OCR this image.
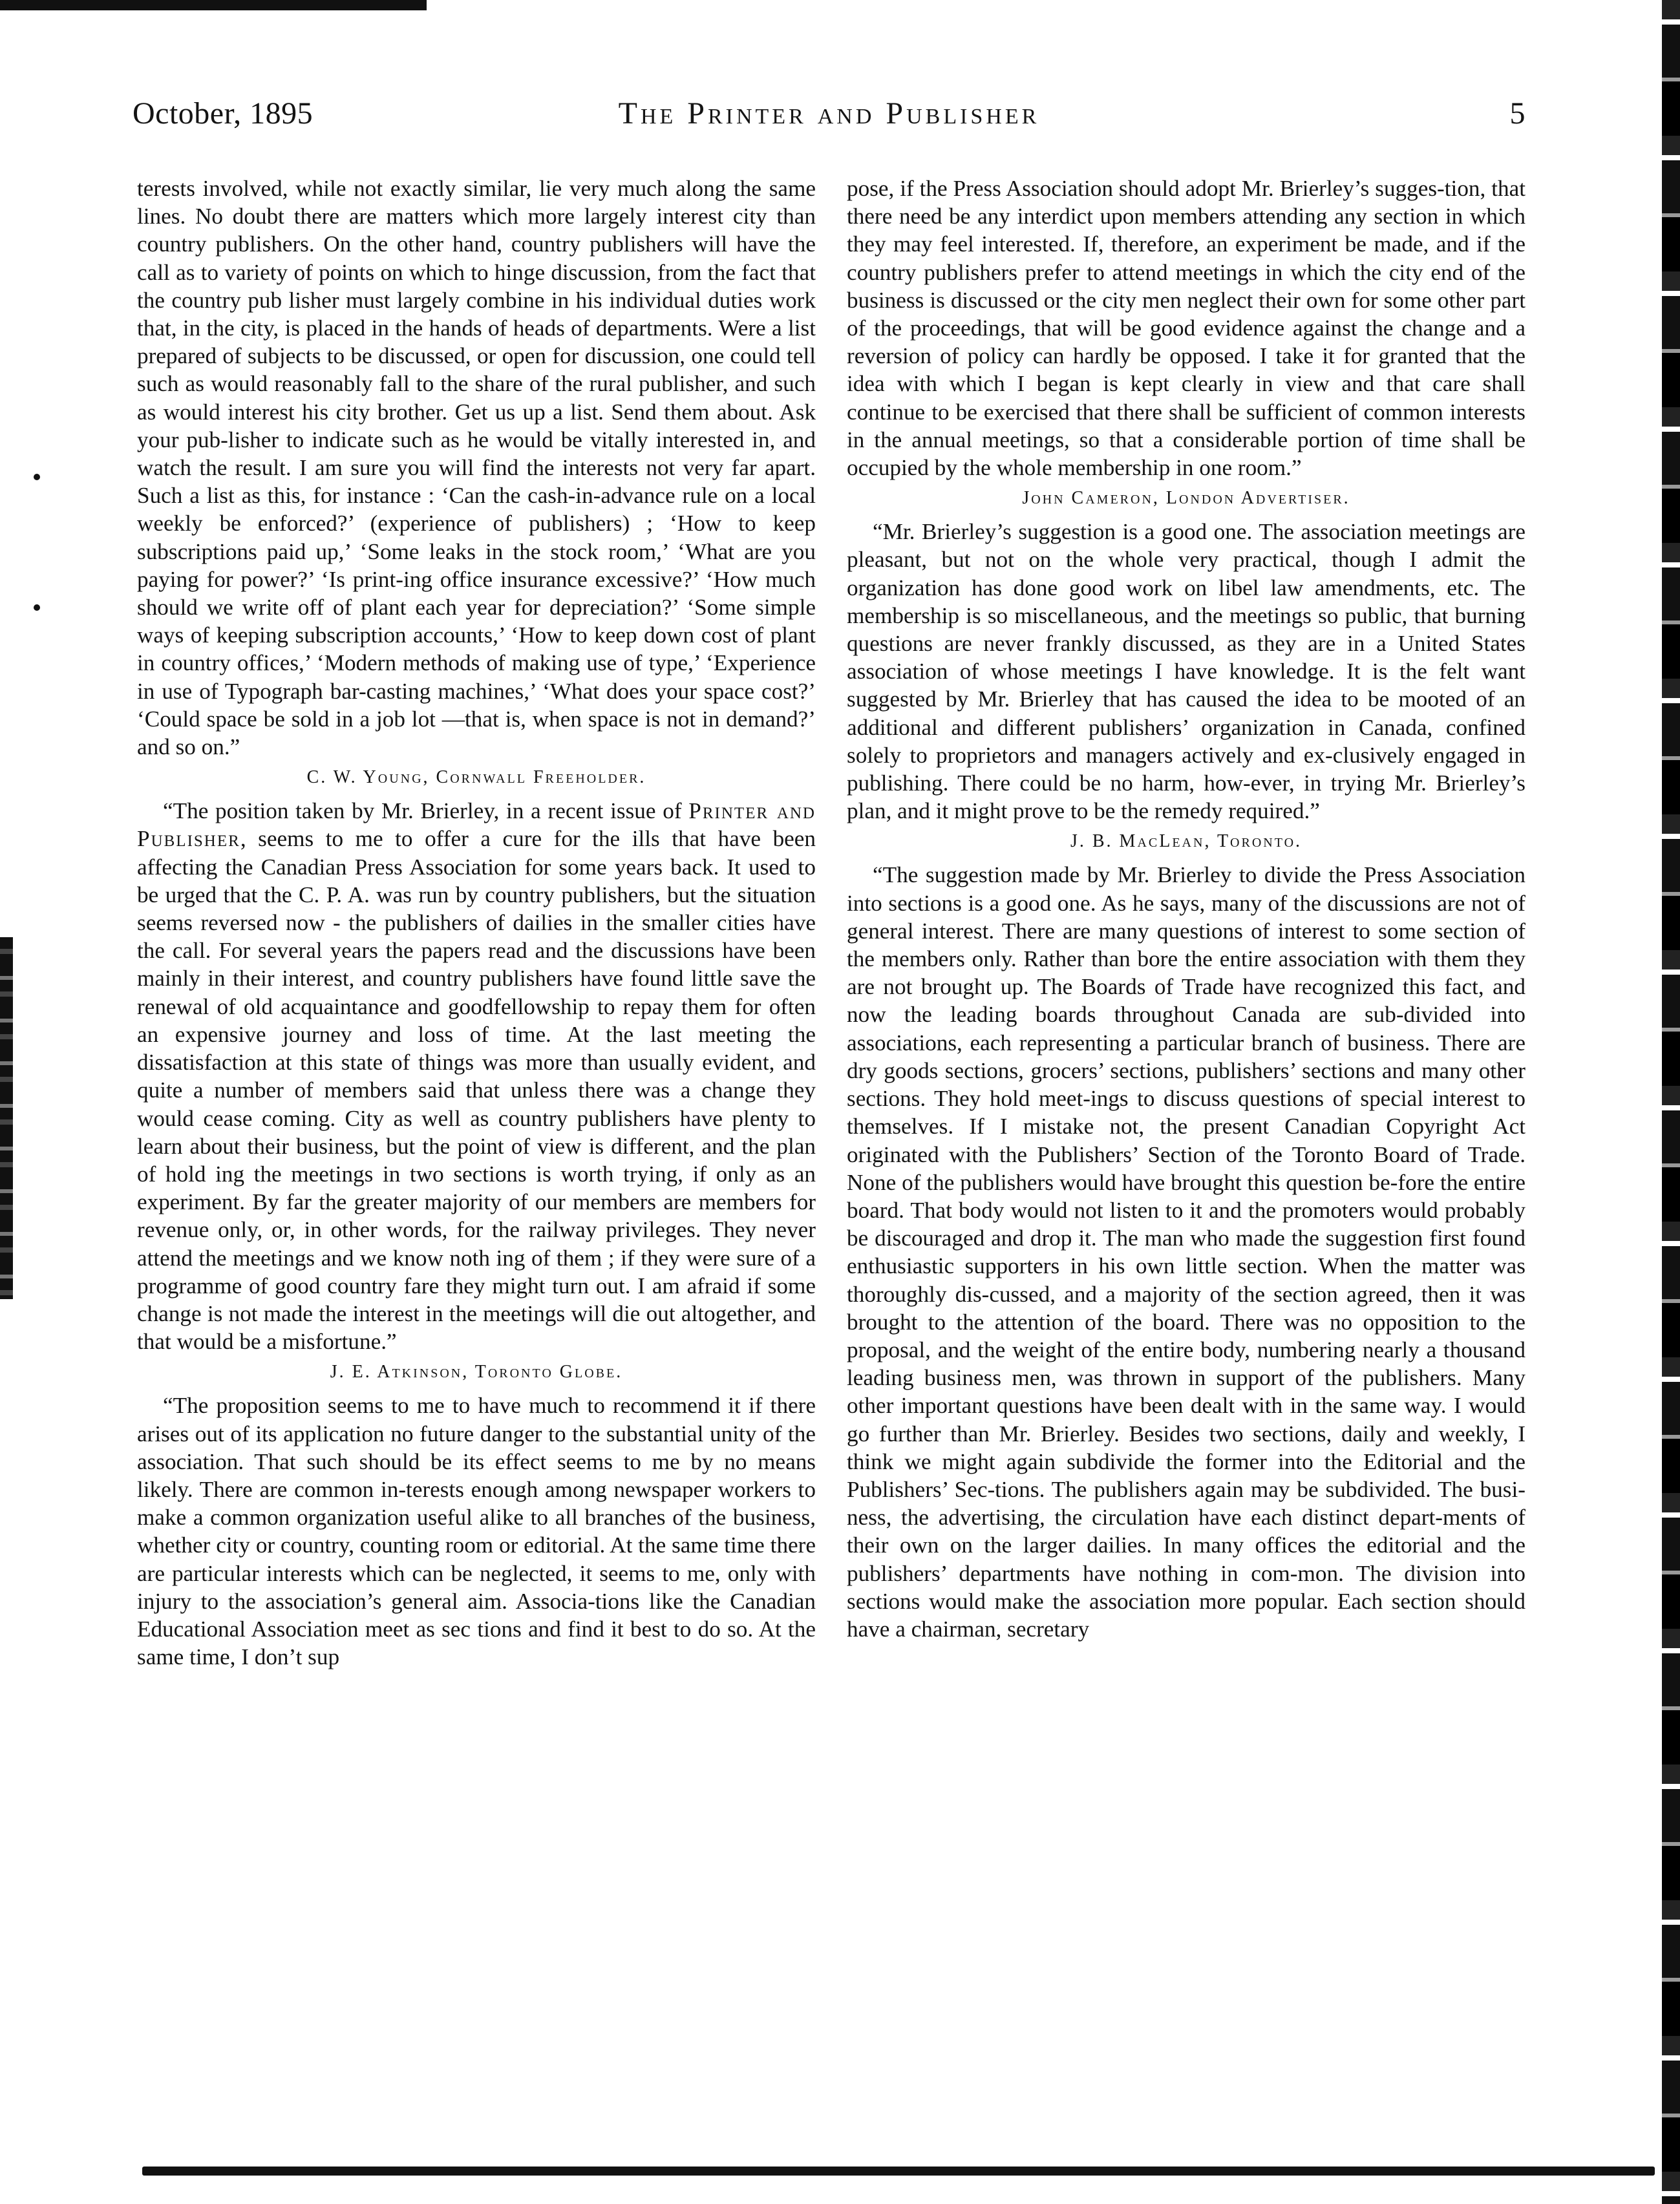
October, 1895	The Printer and Publisher	5

terests involved, while not exactly similar, lie very much along the same lines. No doubt there are matters which more largely interest city than country publishers. On the other hand, country publishers will have the call as to variety of points on which to hinge discussion, from the fact that the country pub lisher must largely combine in his individual duties work that, in the city, is placed in the hands of heads of departments. Were a list prepared of subjects to be discussed, or open for discussion, one could tell such as would reasonably fall to the share of the rural publisher, and such as would interest his city brother. Get us up a list. Send them about. Ask your pub-lisher to indicate such as he would be vitally interested in, and watch the result. I am sure you will find the interests not very far apart. Such a list as this, for instance : ‘Can the cash-in-advance rule on a local weekly be enforced?’ (experience of publishers) ; ‘How to keep subscriptions paid up,’ ‘Some leaks in the stock room,’ ‘What are you paying for power?’ ‘Is print-ing office insurance excessive?’ ‘How much should we write off of plant each year for depreciation?’ ‘Some simple ways of keeping subscription accounts,’ ‘How to keep down cost of plant in country offices,’ ‘Modern methods of making use of type,’ ‘Experience in use of Typograph bar-casting machines,’ ‘What does your space cost?’ ‘Could space be sold in a job lot —that is, when space is not in demand?’ and so on.”

C. W. Young, Cornwall Freeholder.

“The position taken by Mr. Brierley, in a recent issue of Printer and Publisher, seems to me to offer a cure for the ills that have been affecting the Canadian Press Association for some years back. It used to be urged that the C. P. A. was run by country publishers, but the situation seems reversed now - the publishers of dailies in the smaller cities have the call. For several years the papers read and the discussions have been mainly in their interest, and country publishers have found little save the renewal of old acquaintance and goodfellowship to repay them for often an expensive journey and loss of time. At the last meeting the dissatisfaction at this state of things was more than usually evident, and quite a number of members said that unless there was a change they would cease coming. City as well as country publishers have plenty to learn about their business, but the point of view is different, and the plan of hold ing the meetings in two sections is worth trying, if only as an experiment. By far the greater majority of our members are members for revenue only, or, in other words, for the railway privileges. They never attend the meetings and we know noth ing of them ; if they were sure of a programme of good country fare they might turn out. I am afraid if some change is not made the interest in the meetings will die out altogether, and that would be a misfortune.”

J. E. Atkinson, Toronto Globe.

“The proposition seems to me to have much to recommend it if there arises out of its application no future danger to the substantial unity of the association. That such should be its effect seems to me by no means likely. There are common in-terests enough among newspaper workers to make a common organization useful alike to all branches of the business, whether city or country, counting room or editorial. At the same time there are particular interests which can be neglected, it seems to me, only with injury to the association’s general aim. Associa-tions like the Canadian Educational Association meet as sec tions and find it best to do so. At the same time, I don’t sup

pose, if the Press Association should adopt Mr. Brierley’s sugges-tion, that there need be any interdict upon members attending any section in which they may feel interested. If, therefore, an experiment be made, and if the country publishers prefer to attend meetings in which the city end of the business is discussed or the city men neglect their own for some other part of the proceedings, that will be good evidence against the change and a reversion of policy can hardly be opposed. I take it for granted that the idea with which I began is kept clearly in view and that care shall continue to be exercised that there shall be sufficient of common interests in the annual meetings, so that a considerable portion of time shall be occupied by the whole membership in one room.”

John Cameron, London Advertiser.

“Mr. Brierley’s suggestion is a good one. The association meetings are pleasant, but not on the whole very practical, though I admit the organization has done good work on libel law amendments, etc. The membership is so miscellaneous, and the meetings so public, that burning questions are never frankly discussed, as they are in a United States association of whose meetings I have knowledge. It is the felt want suggested by Mr. Brierley that has caused the idea to be mooted of an additional and different publishers’ organization in Canada, confined solely to proprietors and managers actively and ex-clusively engaged in publishing. There could be no harm, how-ever, in trying Mr. Brierley’s plan, and it might prove to be the remedy required.”

J. B. MacLean, Toronto.

“The suggestion made by Mr. Brierley to divide the Press Association into sections is a good one. As he says, many of the discussions are not of general interest. There are many questions of interest to some section of the members only. Rather than bore the entire association with them they are not brought up. The Boards of Trade have recognized this fact, and now the leading boards throughout Canada are sub-divided into associations, each representing a particular branch of business. There are dry goods sections, grocers’ sections, publishers’ sections and many other sections. They hold meet-ings to discuss questions of special interest to themselves. If I mistake not, the present Canadian Copyright Act originated with the Publishers’ Section of the Toronto Board of Trade. None of the publishers would have brought this question be-fore the entire board. That body would not listen to it and the promoters would probably be discouraged and drop it. The man who made the suggestion first found enthusiastic supporters in his own little section. When the matter was thoroughly dis-cussed, and a majority of the section agreed, then it was brought to the attention of the board. There was no opposition to the proposal, and the weight of the entire body, numbering nearly a thousand leading business men, was thrown in support of the publishers. Many other important questions have been dealt with in the same way. I would go further than Mr. Brierley. Besides two sections, daily and weekly, I think we might again subdivide the former into the Editorial and the Publishers’ Sec-tions. The publishers again may be subdivided. The busi-ness, the advertising, the circulation have each distinct depart-ments of their own on the larger dailies. In many offices the editorial and the publishers’ departments have nothing in com-mon. The division into sections would make the association more popular. Each section should have a chairman, secretary
